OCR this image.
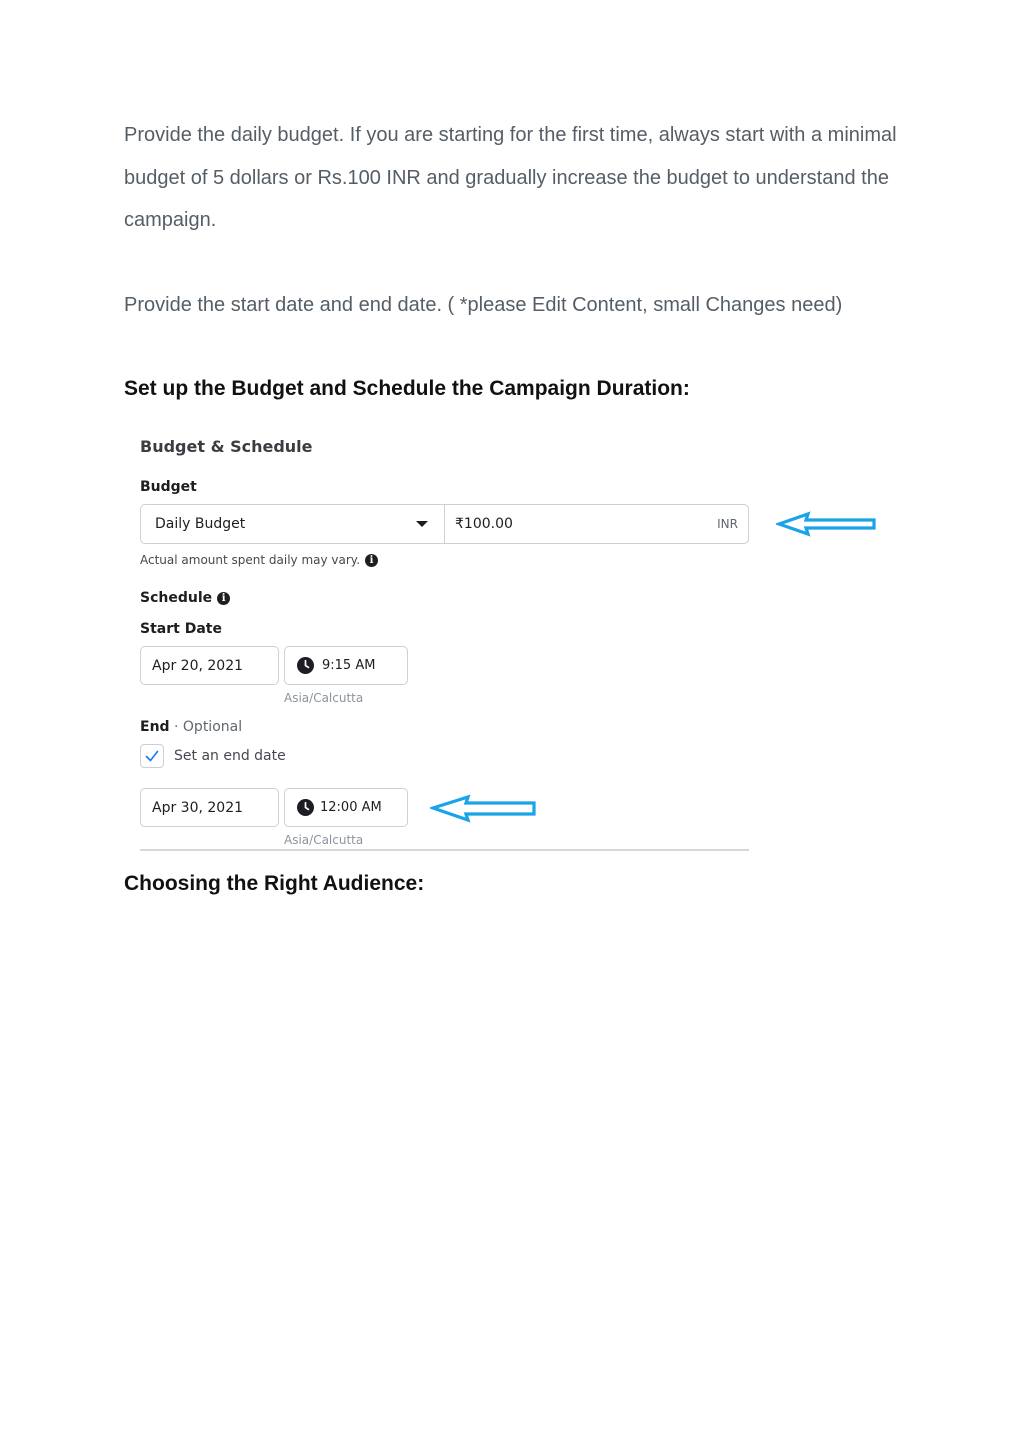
Provide the daily budget. If you are starting for the first time, always start with a minimal budget of 5 dollars or Rs.100 INR and gradually increase the budget to understand the campaign.

Provide the start date and end date. ( *please Edit Content, small Changes need)

Set up the Budget and Schedule the Campaign Duration:

Budget & Schedule

Budget

Daily Budget	₹100.00	INR

Actual amount spent daily may vary. i

Schedule i

Start Date

Apr 20, 2021	9:15 AM

Asia/Calcutta

End · Optional

Set an end date
Apr 30, 2021	12:00 AM

Asia/Calcutta

Choosing the Right Audience:
